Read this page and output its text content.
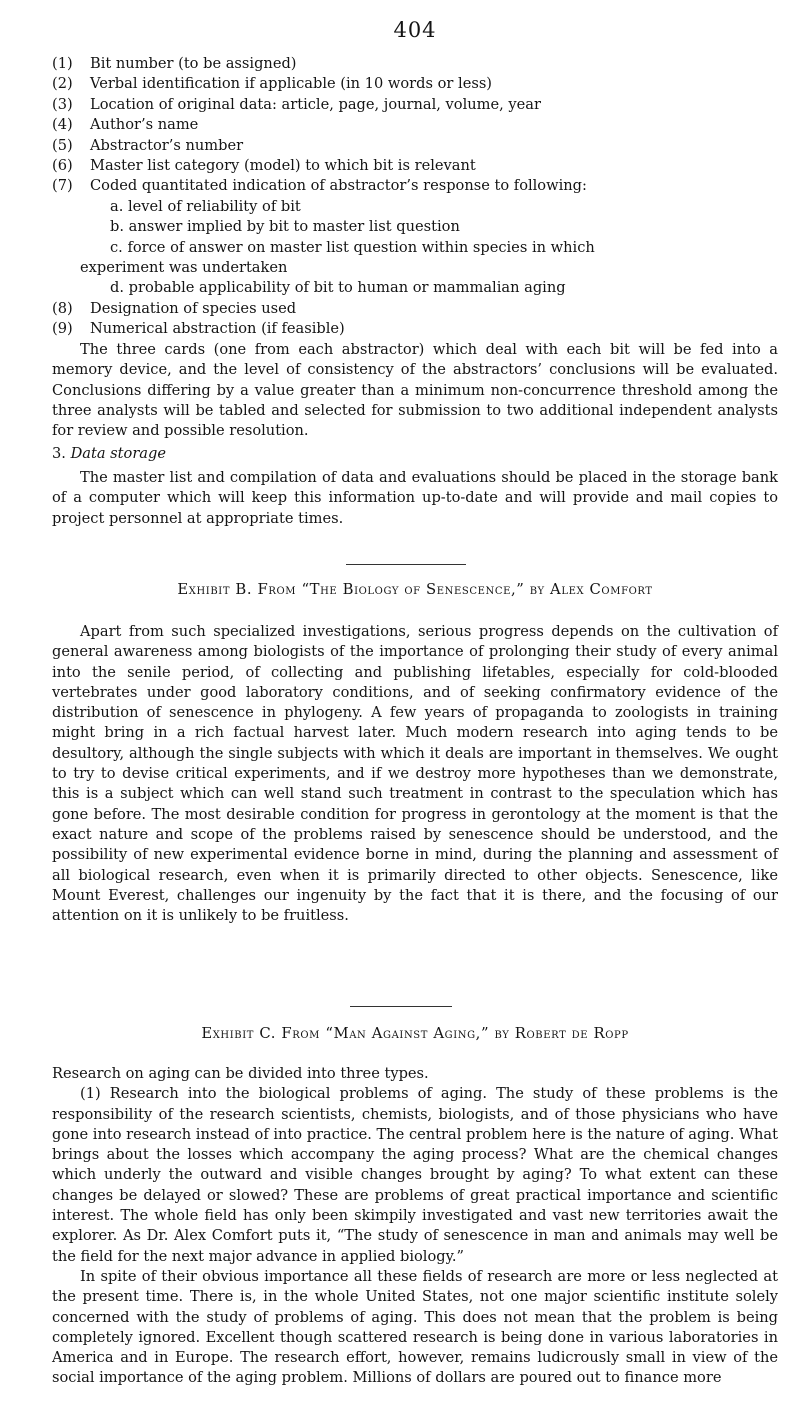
404
(1) Bit number (to be assigned)
(2) Verbal identification if applicable (in 10 words or less)
(3) Location of original data: article, page, journal, volume, year
(4) Author’s name
(5) Abstractor’s number
(6) Master list category (model) to which bit is relevant
(7) Coded quantitated indication of abstractor’s response to following:
a. level of reliability of bit
b. answer implied by bit to master list question
c. force of answer on master list question within species in which
experiment was undertaken
d. probable applicability of bit to human or mammalian aging
(8) Designation of species used
(9) Numerical abstraction (if feasible)

The three cards (one from each abstractor) which deal with each bit will be fed into a memory device, and the level of consistency of the abstractors’ conclusions will be evaluated. Conclusions differing by a value greater than a minimum non-concurrence threshold among the three analysts will be tabled and selected for submission to two additional independent analysts for review and possible resolution.

3. Data storage

The master list and compilation of data and evaluations should be placed in the storage bank of a computer which will keep this information up-to-date and will provide and mail copies to project personnel at appropriate times.

Exhibit B. From “The Biology of Senescence,” by Alex Comfort

Apart from such specialized investigations, serious progress depends on the cultivation of general awareness among biologists of the importance of prolonging their study of every animal into the senile period, of collecting and publishing lifetables, especially for cold-blooded vertebrates under good laboratory conditions, and of seeking confirmatory evidence of the distribution of senescence in phylogeny. A few years of propaganda to zoologists in training might bring in a rich factual harvest later. Much modern research into aging tends to be desultory, although the single subjects with which it deals are important in themselves. We ought to try to devise critical experiments, and if we destroy more hypotheses than we demonstrate, this is a subject which can well stand such treatment in contrast to the speculation which has gone before. The most desirable condition for progress in gerontology at the moment is that the exact nature and scope of the problems raised by senescence should be understood, and the possibility of new experimental evidence borne in mind, during the planning and assessment of all biological research, even when it is primarily directed to other objects. Senescence, like Mount Everest, challenges our ingenuity by the fact that it is there, and the focusing of our attention on it is unlikely to be fruitless.

Exhibit C. From “Man Against Aging,” by Robert de Ropp

Research on aging can be divided into three types.

(1) Research into the biological problems of aging. The study of these problems is the responsibility of the research scientists, chemists, biologists, and of those physicians who have gone into research instead of into practice. The central problem here is the nature of aging. What brings about the losses which accompany the aging process? What are the chemical changes which underly the outward and visible changes brought by aging? To what extent can these changes be delayed or slowed? These are problems of great practical importance and scientific interest. The whole field has only been skimpily investigated and vast new territories await the explorer. As Dr. Alex Comfort puts it, “The study of senescence in man and animals may well be the field for the next major advance in applied biology.”

In spite of their obvious importance all these fields of research are more or less neglected at the present time. There is, in the whole United States, not one major scientific institute solely concerned with the study of problems of aging. This does not mean that the problem is being completely ignored. Excellent though scattered research is being done in various laboratories in America and in Europe. The research effort, however, remains ludicrously small in view of the social importance of the aging problem. Millions of dollars are poured out to finance more
